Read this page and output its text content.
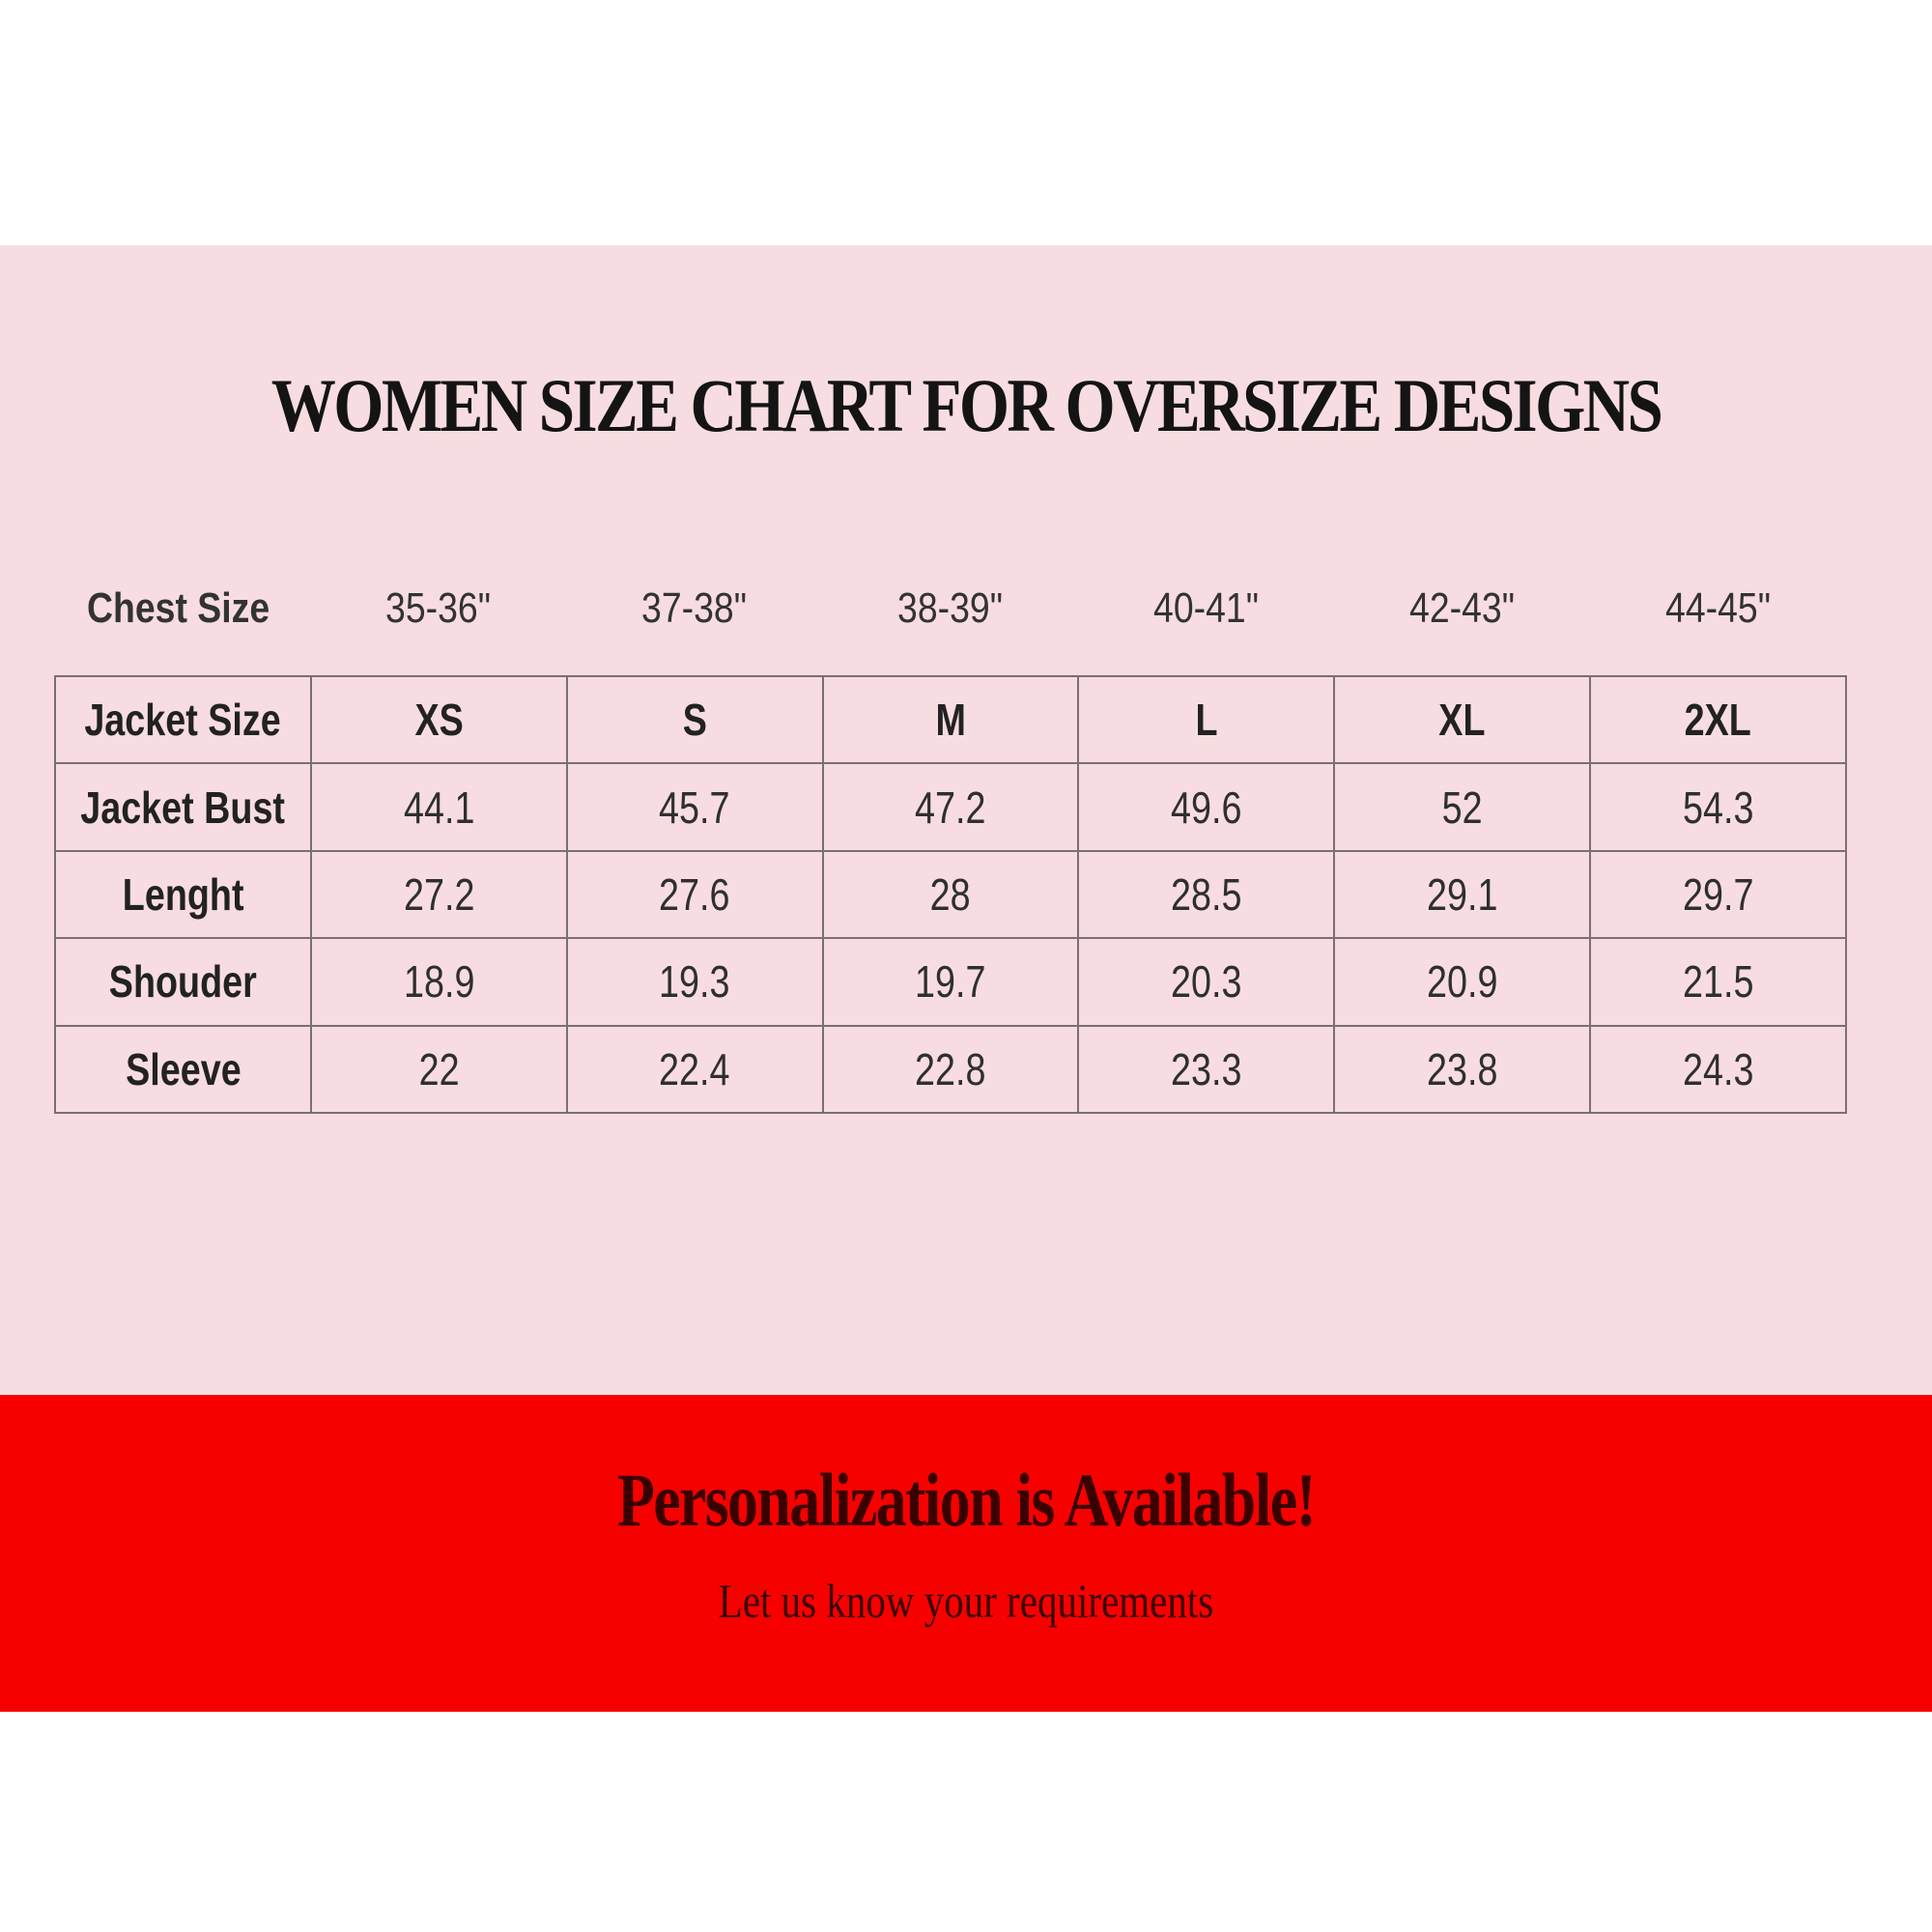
WOMEN SIZE CHART FOR OVERSIZE DESIGNS
Chest Size	35-36"	37-38"	38-39"	40-41"	42-43"	44-45"
Jacket Size	XS	S	M	L	XL	2XL
Jacket Bust	44.1	45.7	47.2	49.6	52	54.3
Lenght	27.2	27.6	28	28.5	29.1	29.7
Shouder	18.9	19.3	19.7	20.3	20.9	21.5
Sleeve	22	22.4	22.8	23.3	23.8	24.3
Personalization is Available!
Let us know your requirements
